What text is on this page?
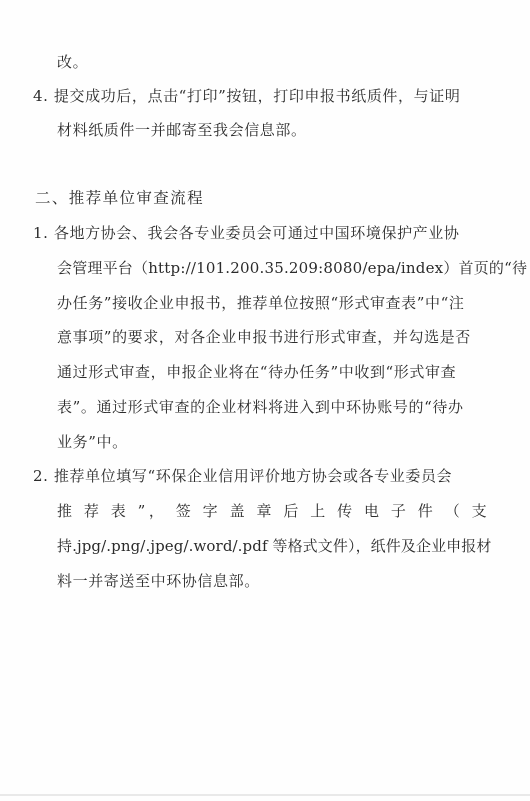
改。
4. 提交成功后，点击“打印”按钮，打印申报书纸质件，与证明
材料纸质件一并邮寄至我会信息部。
二、推荐单位审查流程
1. 各地方协会、我会各专业委员会可通过中国环境保护产业协
会管理平台（http://101.200.35.209:8080/epa/index）首页的“待
办任务”接收企业申报书，推荐单位按照“形式审查表”中“注
意事项”的要求，对各企业申报书进行形式审查，并勾选是否
通过形式审查，申报企业将在“待办任务”中收到“形式审查
表”。通过形式审查的企业材料将进入到中环协账号的“待办
业务”中。
2. 推荐单位填写“环保企业信用评价地方协会或各专业委员会
推 荐 表 ”， 签 字 盖 章 后 上 传 电 子 件 （ 支
持.jpg/.png/.jpeg/.word/.pdf 等格式文件），纸件及企业申报材
料一并寄送至中环协信息部。
